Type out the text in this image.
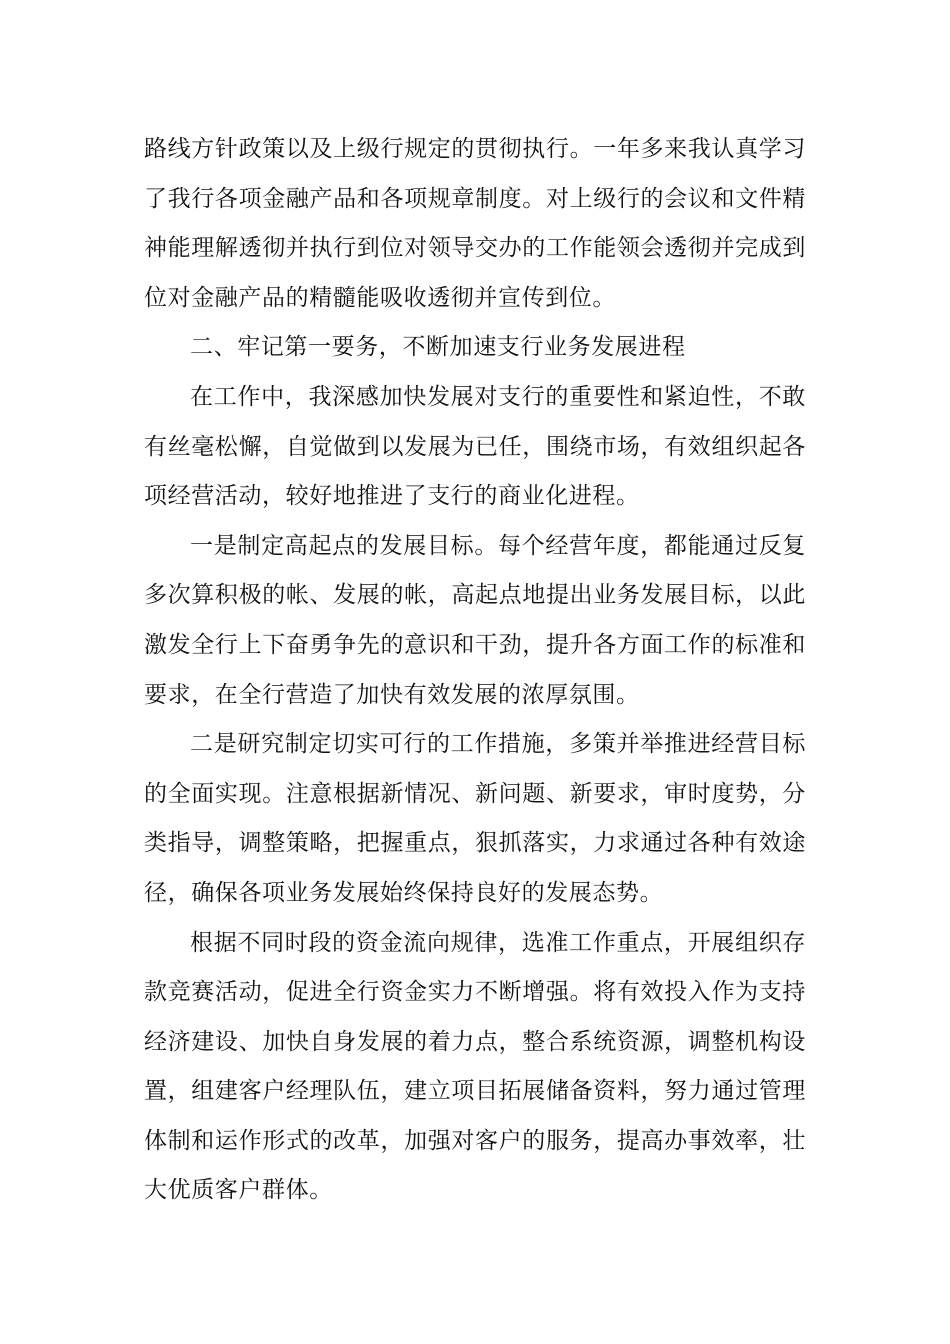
路线方针政策以及上级行规定的贯彻执行。一年多来我认真学习了我行各项金融产品和各项规章制度。对上级行的会议和文件精神能理解透彻并执行到位对领导交办的工作能领会透彻并完成到位对金融产品的精髓能吸收透彻并宣传到位。

二、牢记第一要务，不断加速支行业务发展进程

在工作中，我深感加快发展对支行的重要性和紧迫性，不敢有丝毫松懈，自觉做到以发展为已任，围绕市场，有效组织起各项经营活动，较好地推进了支行的商业化进程。

一是制定高起点的发展目标。每个经营年度，都能通过反复多次算积极的帐、发展的帐，高起点地提出业务发展目标，以此激发全行上下奋勇争先的意识和干劲，提升各方面工作的标准和要求，在全行营造了加快有效发展的浓厚氛围。

二是研究制定切实可行的工作措施，多策并举推进经营目标的全面实现。注意根据新情况、新问题、新要求，审时度势，分类指导，调整策略，把握重点，狠抓落实，力求通过各种有效途径，确保各项业务发展始终保持良好的发展态势。

根据不同时段的资金流向规律，选准工作重点，开展组织存款竞赛活动，促进全行资金实力不断增强。将有效投入作为支持经济建设、加快自身发展的着力点，整合系统资源，调整机构设置，组建客户经理队伍，建立项目拓展储备资料，努力通过管理体制和运作形式的改革，加强对客户的服务，提高办事效率，壮大优质客户群体。
